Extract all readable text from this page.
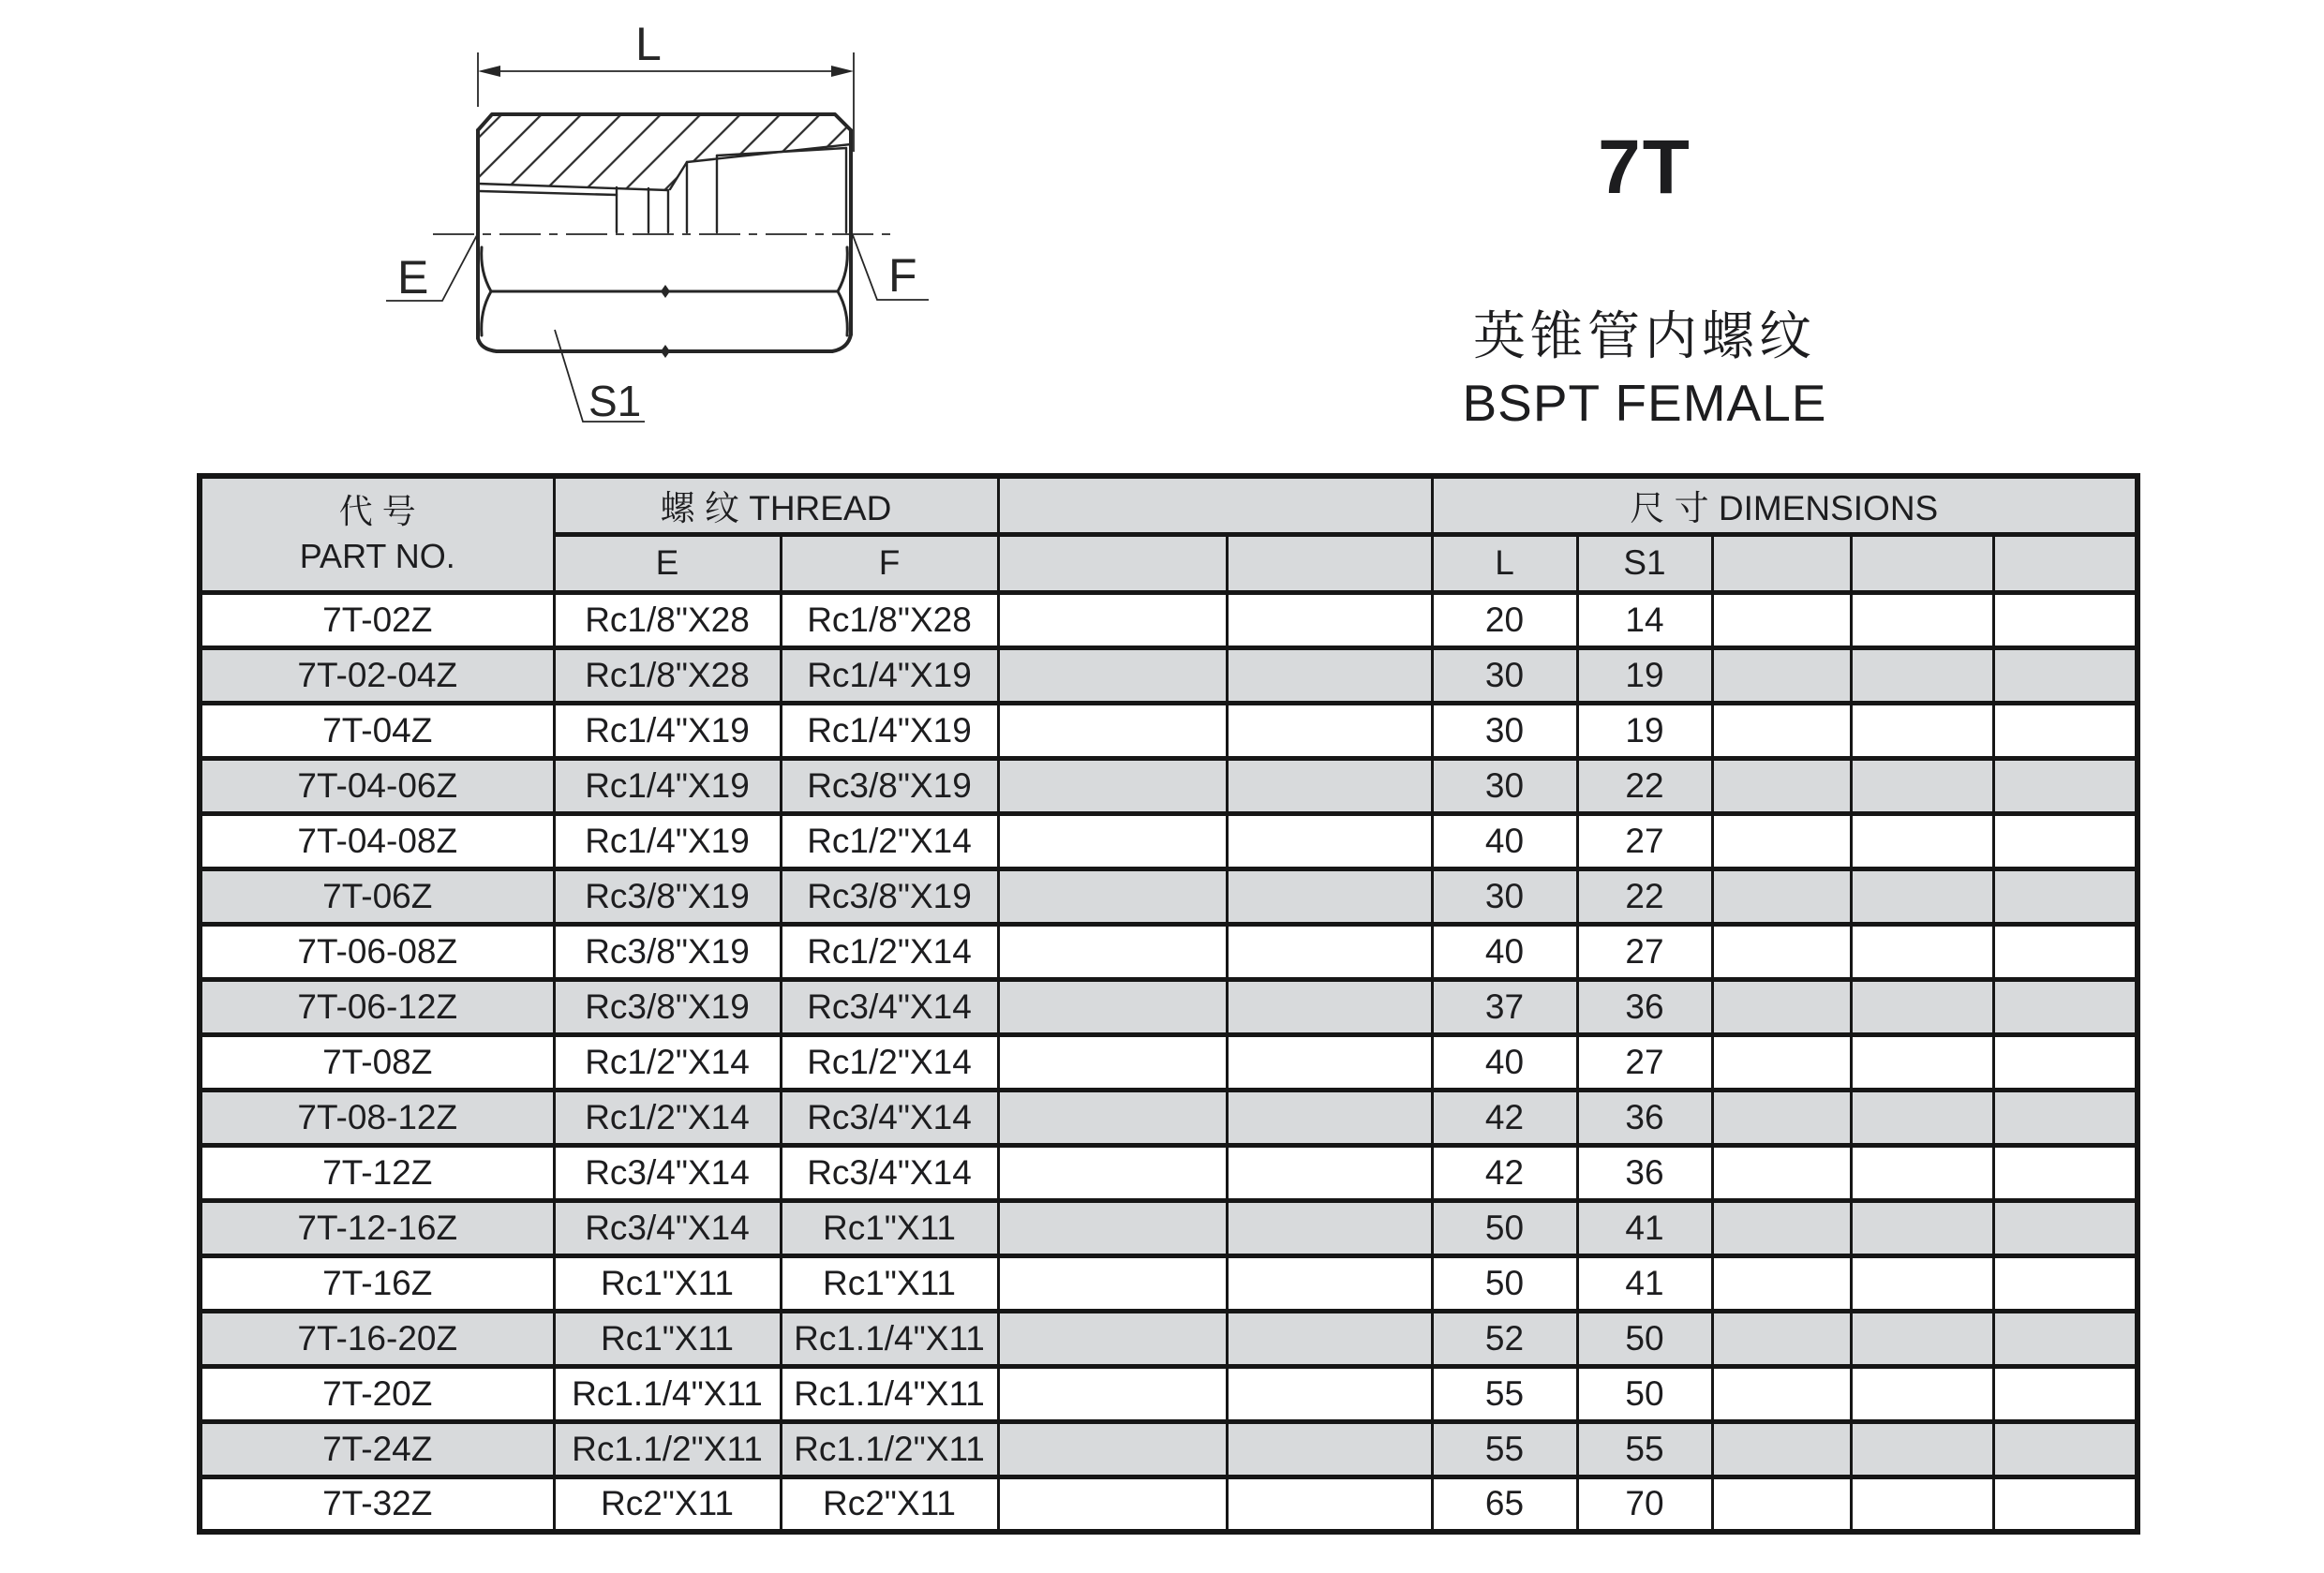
L
E	F
S1
7T
英锥管内螺纹
BSPT FEMALE
代 号
PART NO.	螺 纹 THREAD				尺 寸 DIMENSIONS				
	E	F			L	S1			
7T-02Z	Rc1/8"X28	Rc1/8"X28			20	14			
7T-02-04Z	Rc1/8"X28	Rc1/4"X19			30	19			
7T-04Z	Rc1/4"X19	Rc1/4"X19			30	19			
7T-04-06Z	Rc1/4"X19	Rc3/8"X19			30	22			
7T-04-08Z	Rc1/4"X19	Rc1/2"X14			40	27			
7T-06Z	Rc3/8"X19	Rc3/8"X19			30	22			
7T-06-08Z	Rc3/8"X19	Rc1/2"X14			40	27			
7T-06-12Z	Rc3/8"X19	Rc3/4"X14			37	36			
7T-08Z	Rc1/2"X14	Rc1/2"X14			40	27			
7T-08-12Z	Rc1/2"X14	Rc3/4"X14			42	36			
7T-12Z	Rc3/4"X14	Rc3/4"X14			42	36			
7T-12-16Z	Rc3/4"X14	Rc1"X11			50	41			
7T-16Z	Rc1"X11	Rc1"X11			50	41			
7T-16-20Z	Rc1"X11	Rc1.1/4"X11			52	50			
7T-20Z	Rc1.1/4"X11	Rc1.1/4"X11			55	50			
7T-24Z	Rc1.1/2"X11	Rc1.1/2"X11			55	55			
7T-32Z	Rc2"X11	Rc2"X11			65	70			
